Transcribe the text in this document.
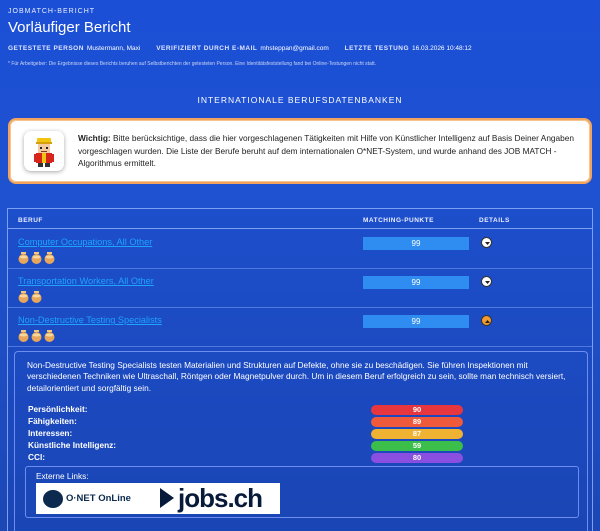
JOBMATCH-BERICHT
Vorläufiger Bericht
GETESTETE PERSON Mustermann, Maxi VERIFIZIERT DURCH E-MAIL mhsteppan@gmail.com LETZTE TESTUNG 16.03.2026 10:48:12
* Für Arbeitgeber: Die Ergebnisse dieses Berichts beruhen auf Selbstberichten der getesteten Person. Eine Identitätsfeststellung fand bei Online-Testungen nicht statt.
INTERNATIONALE BERUFSDATENBANKEN
Wichtig: Bitte berücksichtige, dass die hier vorgeschlagenen Tätigkeiten mit Hilfe von Künstlicher Intelligenz auf Basis Deiner Angaben vorgeschlagen wurden. Die Liste der Berufe beruht auf dem internationalen O*NET-System, und wurde anhand des JOB MATCH - Algorithmus ermittelt.
BERUF	MATCHING-PUNKTE	DETAILS
Computer Occupations, All Other	99
Transportation Workers, All Other	99
Non-Destructive Testing Specialists	99
Non-Destructive Testing Specialists testen Materialien und Strukturen auf Defekte, ohne sie zu beschädigen. Sie führen Inspektionen mit verschiedenen Techniken wie Ultraschall, Röntgen oder Magnetpulver durch. Um in diesem Beruf erfolgreich zu sein, sollte man technisch versiert, detailorientiert und sorgfältig sein.
Persönlichkeit:	90
Fähigkeiten:	89
Interessen:	87
Künstliche Intelligenz:	59
CCI:	80
Externe Links:
O·NET OnLine jobs.ch
